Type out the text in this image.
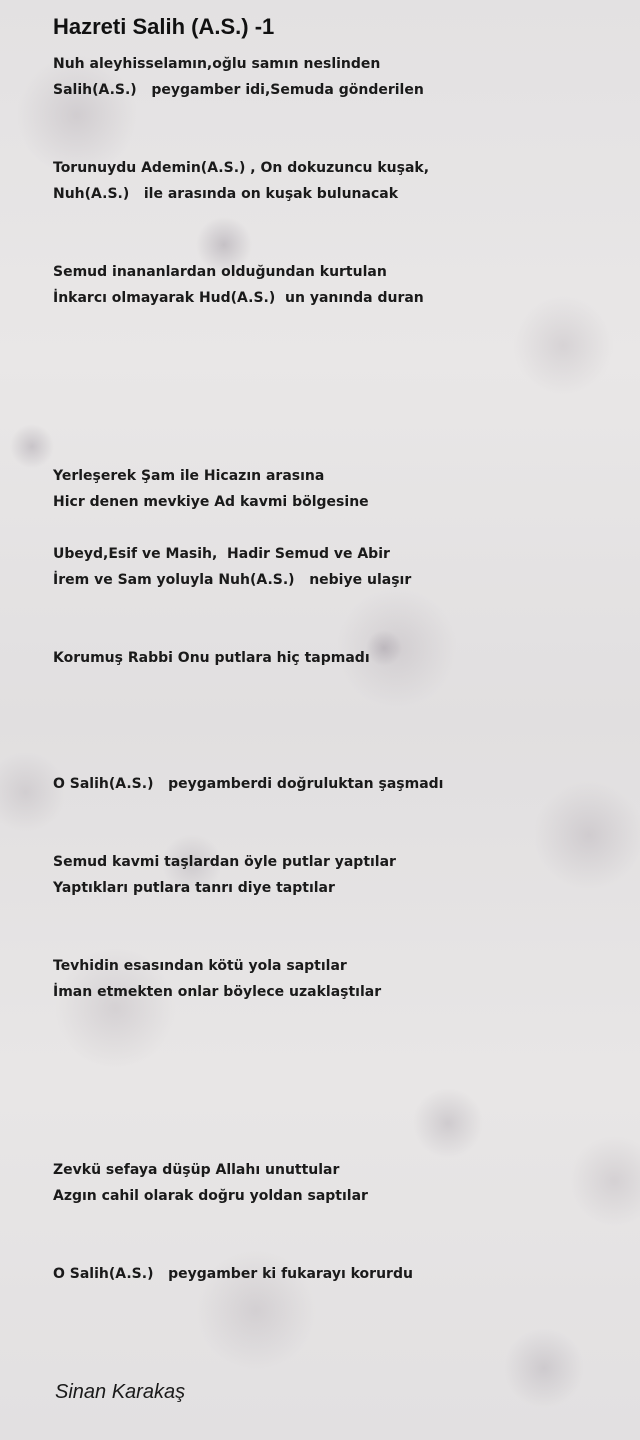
Hazreti Salih (A.S.) -1
Nuh aleyhisselamın,oğlu samın neslinden
Salih(A.S.)   peygamber idi,Semuda gönderilen
Torunuydu Ademin(A.S.) , On dokuzuncu kuşak,
Nuh(A.S.)   ile arasında on kuşak bulunacak
Semud inananlardan olduğundan kurtulan
İnkarcı olmayarak Hud(A.S.)  un yanında duran
Yerleşerek Şam ile Hicazın arasına
Hicr denen mevkiye Ad kavmi bölgesine
Ubeyd,Esif ve Masih,  Hadir Semud ve Abir
İrem ve Sam yoluyla Nuh(A.S.)   nebiye ulaşır
Korumuş Rabbi Onu putlara hiç tapmadı
O Salih(A.S.)   peygamberdi doğruluktan şaşmadı
Semud kavmi taşlardan öyle putlar yaptılar
Yaptıkları putlara tanrı diye taptılar
Tevhidin esasından kötü yola saptılar
İman etmekten onlar böylece uzaklaştılar
Zevkü sefaya düşüp Allahı unuttular
Azgın cahil olarak doğru yoldan saptılar
O Salih(A.S.)   peygamber ki fukarayı korurdu

Sinan Karakaş
